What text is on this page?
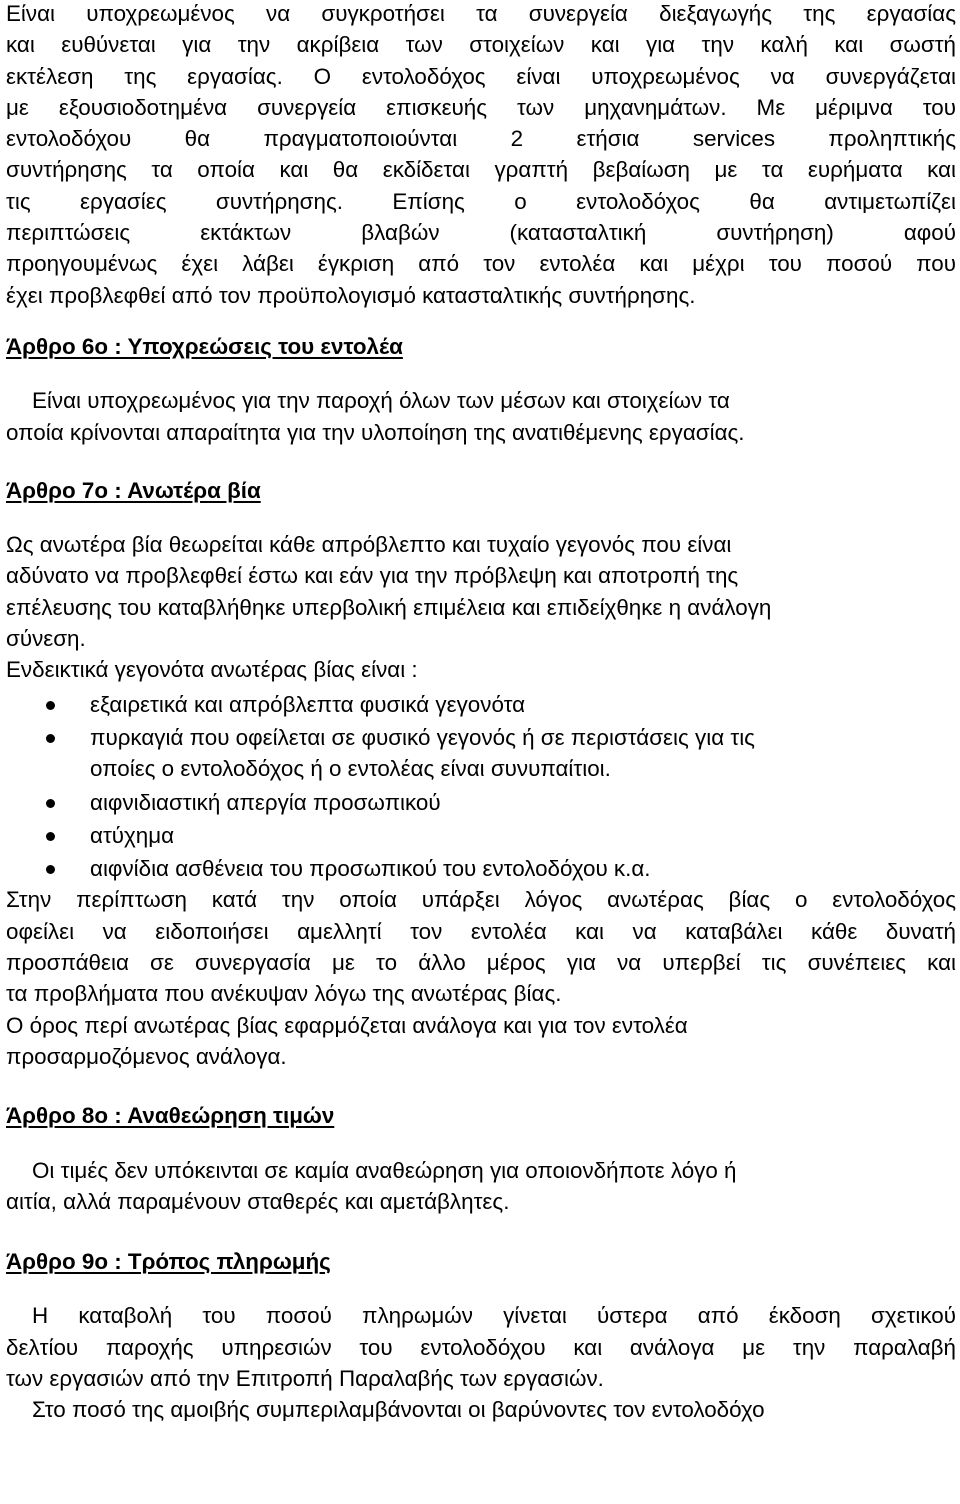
Είναι υποχρεωμένος να συγκροτήσει τα συνεργεία διεξαγωγής της εργασίας

και ευθύνεται για την ακρίβεια των στοιχείων και για την καλή και σωστή

εκτέλεση της εργασίας. Ο εντολοδόχος είναι υποχρεωμένος να συνεργάζεται

με εξουσιοδοτημένα συνεργεία επισκευής των μηχανημάτων. Με μέριμνα του

εντολοδόχου θα πραγματοποιούνται 2 ετήσια services προληπτικής

συντήρησης τα οποία και θα εκδίδεται γραπτή βεβαίωση με τα ευρήματα και

τις εργασίες συντήρησης. Επίσης ο εντολοδόχος θα αντιμετωπίζει

περιπτώσεις εκτάκτων βλαβών (κατασταλτική συντήρηση) αφού

προηγουμένως έχει λάβει έγκριση από τον εντολέα και μέχρι του ποσού που

έχει προβλεφθεί από τον προϋπολογισμό κατασταλτικής συντήρησης.

Άρθρο 6ο : Υποχρεώσεις του εντολέα

Είναι υποχρεωμένος για την παροχή όλων των μέσων και στοιχείων τα

οποία κρίνονται απαραίτητα για την υλοποίηση της ανατιθέμενης εργασίας.

Άρθρο 7ο : Ανωτέρα βία

Ως ανωτέρα βία θεωρείται κάθε απρόβλεπτο και τυχαίο γεγονός που είναι

αδύνατο να προβλεφθεί έστω και εάν για την πρόβλεψη και αποτροπή της

επέλευσης του καταβλήθηκε υπερβολική επιμέλεια και επιδείχθηκε η ανάλογη

σύνεση.

Ενδεικτικά γεγονότα ανωτέρας βίας είναι :

εξαιρετικά και απρόβλεπτα φυσικά γεγονότα
πυρκαγιά που οφείλεται σε φυσικό γεγονός ή σε περιστάσεις για τις
οποίες ο εντολοδόχος ή ο εντολέας είναι συνυπαίτιοι.
αιφνιδιαστική απεργία προσωπικού
ατύχημα
αιφνίδια ασθένεια του προσωπικού του εντολοδόχου κ.α.

Στην περίπτωση κατά την οποία υπάρξει λόγος ανωτέρας βίας ο εντολοδόχος

οφείλει να ειδοποιήσει αμελλητί τον εντολέα και να καταβάλει κάθε δυνατή

προσπάθεια σε συνεργασία με το άλλο μέρος για να υπερβεί τις συνέπειες και

τα προβλήματα που ανέκυψαν λόγω της ανωτέρας βίας.

Ο όρος περί ανωτέρας βίας εφαρμόζεται ανάλογα και για τον εντολέα

προσαρμοζόμενος ανάλογα.

Άρθρο 8ο : Αναθεώρηση τιμών

Οι τιμές δεν υπόκεινται σε καμία αναθεώρηση για οποιονδήποτε λόγο ή

αιτία, αλλά παραμένουν σταθερές και αμετάβλητες.

Άρθρο 9ο : Τρόπος πληρωμής

Η καταβολή του ποσού πληρωμών γίνεται ύστερα από έκδοση σχετικού

δελτίου παροχής υπηρεσιών του εντολοδόχου και ανάλογα με την παραλαβή

των εργασιών από την Επιτροπή Παραλαβής των εργασιών.

Στο ποσό της αμοιβής συμπεριλαμβάνονται οι βαρύνοντες τον εντολοδόχο
